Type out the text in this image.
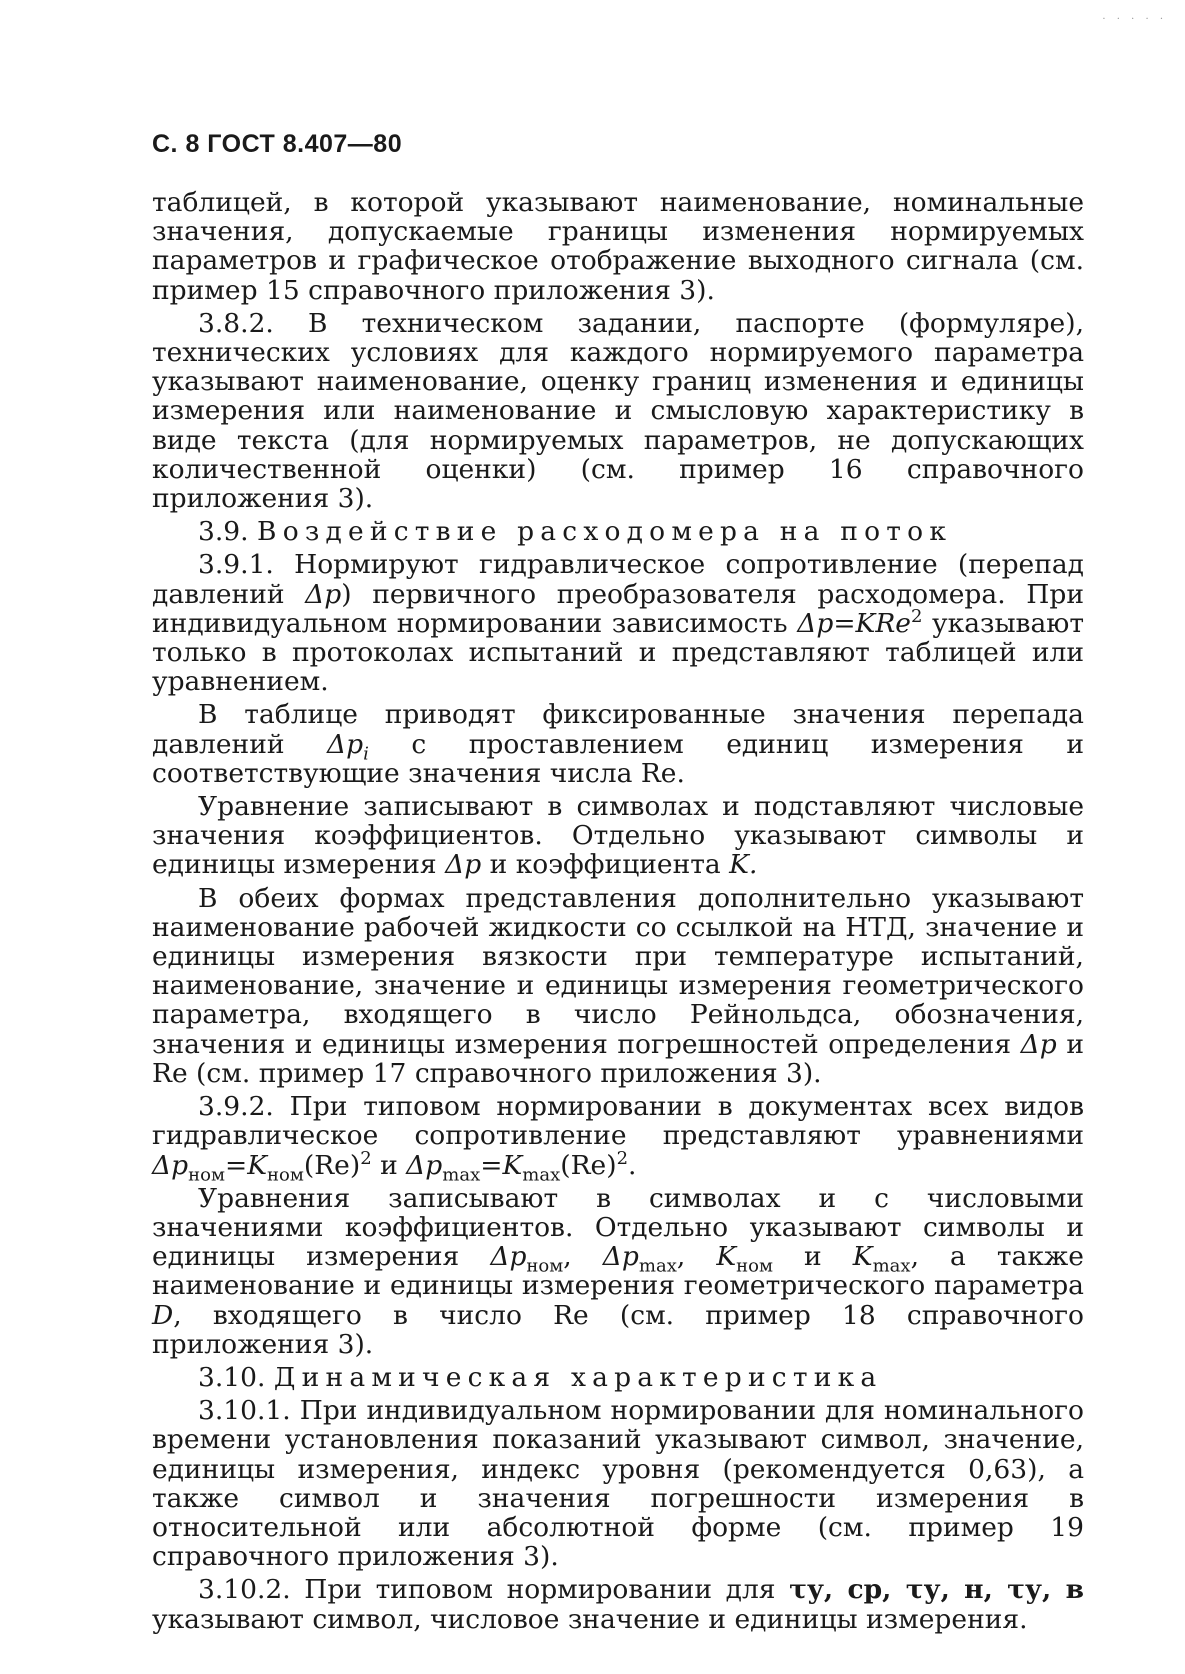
· · · · ·
С. 8 ГОСТ 8.407—80

таблицей, в которой указывают наименование, номинальные значения, допускаемые границы изменения нормируемых параметров и графическое отображение выходного сигнала (см. пример 15 справочного приложения 3).

3.8.2. В техническом задании, паспорте (формуляре), технических условиях для каждого нормируемого параметра указывают наименование, оценку границ изменения и единицы измерения или наименование и смысловую характеристику в виде текста (для нормируемых параметров, не допускающих количественной оценки) (см. пример 16 справочного приложения 3).

3.9. Воздействие расходомера на поток

3.9.1. Нормируют гидравлическое сопротивление (перепад давлений Δp) первичного преобразователя расходомера. При индивидуальном нормировании зависимость Δp=KRe$^2$ указывают только в протоколах испытаний и представляют таблицей или уравнением.

В таблице приводят фиксированные значения перепада давлений $\Delta p_i$ с проставлением единиц измерения и соответствующие значения числа Re.

Уравнение записывают в символах и подставляют числовые значения коэффициентов. Отдельно указывают символы и единицы измерения Δp и коэффициента K.

В обеих формах представления дополнительно указывают наименование рабочей жидкости со ссылкой на НТД, значение и единицы измерения вязкости при температуре испытаний, наименование, значение и единицы измерения геометрического параметра, входящего в число Рейнольдса, обозначения, значения и единицы измерения погрешностей определения Δp и Re (см. пример 17 справочного приложения 3).

3.9.2. При типовом нормировании в документах всех видов гидравлическое сопротивление представляют уравнениями $\Delta p_{ном}=K_{ном}(Re)^2$ и $\Delta p_{max}=K_{max}(Re)^2$.

Уравнения записывают в символах и с числовыми значениями коэффициентов. Отдельно указывают символы и единицы измерения $\Delta p_{ном}$, $\Delta p_{max}$, $K_{ном}$ и $K_{max}$, а также наименование и единицы измерения геометрического параметра D, входящего в число Re (см. пример 18 справочного приложения 3).

3.10. Динамическая характеристика

3.10.1. При индивидуальном нормировании для номинального времени установления показаний указывают символ, значение, единицы измерения, индекс уровня (рекомендуется 0,63), а также символ и значения погрешности измерения в относительной или абсолютной форме (см. пример 19 справочного приложения 3).

3.10.2. При типовом нормировании для τу, ср, τу, н, τу, в указывают символ, числовое значение и единицы измерения.
